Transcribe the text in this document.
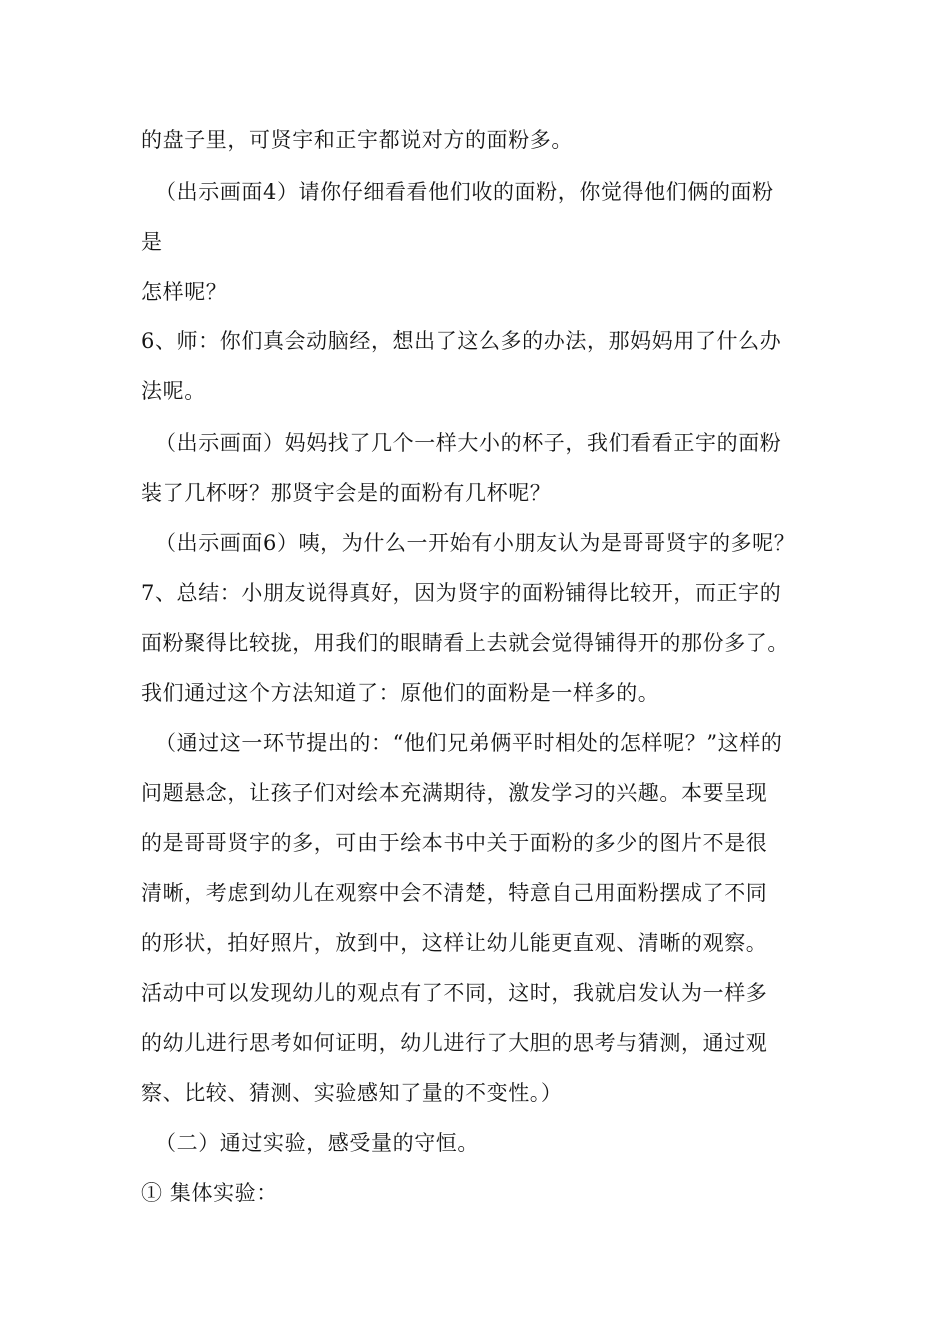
的盘子里，可贤宇和正宇都说对方的面粉多。
（出示画面4）请你仔细看看他们收的面粉，你觉得他们俩的面粉
是
怎样呢？
6、师：你们真会动脑经，想出了这么多的办法，那妈妈用了什么办
法呢。
（出示画面）妈妈找了几个一样大小的杯子，我们看看正宇的面粉
装了几杯呀？那贤宇会是的面粉有几杯呢？
（出示画面6）咦，为什么一开始有小朋友认为是哥哥贤宇的多呢？
7、总结：小朋友说得真好，因为贤宇的面粉铺得比较开，而正宇的
面粉聚得比较拢，用我们的眼睛看上去就会觉得铺得开的那份多了。
我们通过这个方法知道了：原他们的面粉是一样多的。
（通过这一环节提出的：“他们兄弟俩平时相处的怎样呢？”这样的
问题悬念，让孩子们对绘本充满期待，激发学习的兴趣。本要呈现
的是哥哥贤宇的多，可由于绘本书中关于面粉的多少的图片不是很
清晰，考虑到幼儿在观察中会不清楚，特意自己用面粉摆成了不同
的形状，拍好照片，放到中，这样让幼儿能更直观、清晰的观察。
活动中可以发现幼儿的观点有了不同，这时，我就启发认为一样多
的幼儿进行思考如何证明，幼儿进行了大胆的思考与猜测，通过观
察、比较、猜测、实验感知了量的不变性。）
（二）通过实验，感受量的守恒。
① 集体实验：
